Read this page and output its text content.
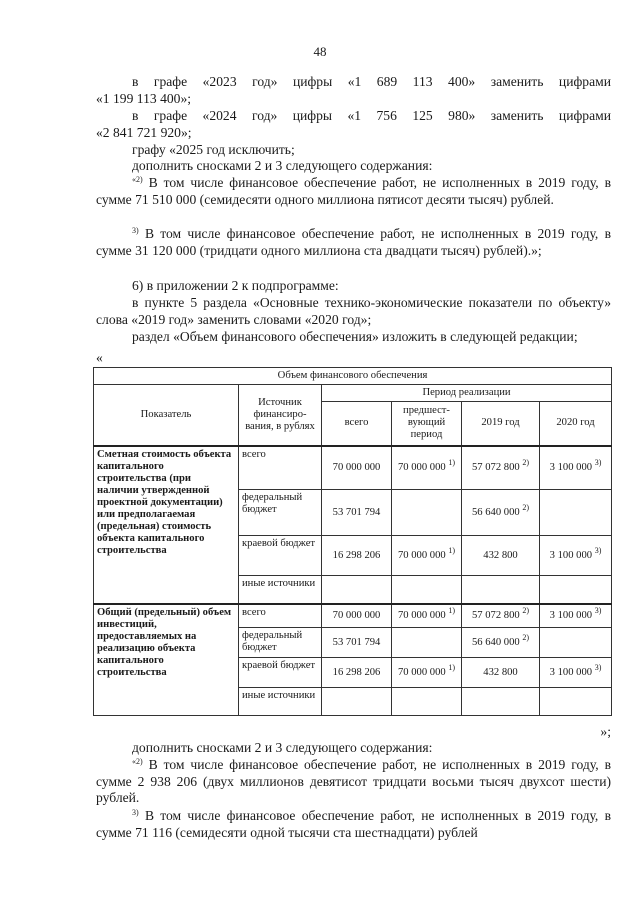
48
в графе «2023 год» цифры «1 689 113 400» заменить цифрами
«1 199 113 400»;
в графе «2024 год» цифры «1 756 125 980» заменить цифрами
«2 841 721 920»;
графу «2025 год исключить;
дополнить сносками 2 и 3 следующего содержания:
$^{«2)}$ В том числе финансовое обеспечение работ, не исполненных в 2019 году, в сумме 71 510 000 (семидесяти одного миллиона пятисот десяти тысяч) рублей.
$^{3)}$ В том числе финансовое обеспечение работ, не исполненных в 2019 году, в сумме 31 120 000 (тридцати одного миллиона ста двадцати тысяч) рублей).»;
6) в приложении 2 к подпрограмме:
в пункте 5 раздела «Основные технико-экономические показатели по объекту» слова «2019 год» заменить словами «2020 год»;
раздел «Объем финансового обеспечения» изложить в следующей редакции;
«
Объем финансового обеспечения					
Показатель	Источник финансиро-вания, в рублях	Период реализации			
		всего	предшест-вующий период	2019 год	2020 год
Сметная стоимость объекта капитального строительства (при наличии утвержденной проектной документации) или предполагаемая (предельная) стоимость объекта капитального строительства	всего	70 000 000	70 000 000 $^{1)}$	57 072 800 $^{2)}$	3 100 000 $^{3)}$
	федеральный бюджет	53 701 794		56 640 000 $^{2)}$	
	краевой бюджет	16 298 206	70 000 000 $^{1)}$	432 800	3 100 000 $^{3)}$
	иные источники				
Общий (предельный) объем инвестиций, предоставляемых на реализацию объекта капитального строительства	всего	70 000 000	70 000 000 $^{1)}$	57 072 800 $^{2)}$	3 100 000 $^{3)}$
	федеральный бюджет	53 701 794		56 640 000 $^{2)}$	
	краевой бюджет	16 298 206	70 000 000 $^{1)}$	432 800	3 100 000 $^{3)}$
	иные источники				
»;
дополнить сносками 2 и 3 следующего содержания:
$^{«2)}$ В том числе финансовое обеспечение работ, не исполненных в 2019 году, в сумме 2 938 206 (двух миллионов девятисот тридцати восьми тысяч двухсот шести) рублей.
$^{3)}$ В том числе финансовое обеспечение работ, не исполненных в 2019 году, в сумме 71 116 (семидесяти одной тысячи ста шестнадцати) рублей
